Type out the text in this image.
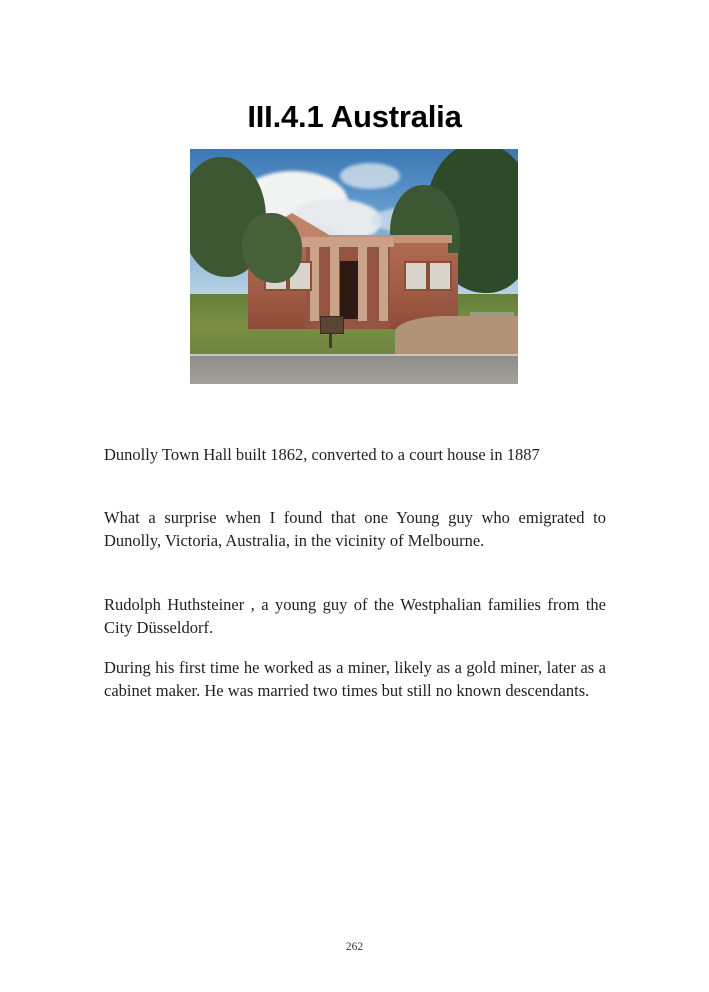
III.4.1 Australia

Dunolly Town Hall built 1862, converted to a court house in 1887

What a surprise when I found that one Young guy who emigrated to Dunolly, Victoria, Australia, in the vicinity of Melbourne.

Rudolph Huthsteiner , a young guy of the Westphalian families from the City Düsseldorf.

During his first time he worked as a miner, likely as a gold miner, later as a cabinet maker. He was married two times but still no known descendants.

262
